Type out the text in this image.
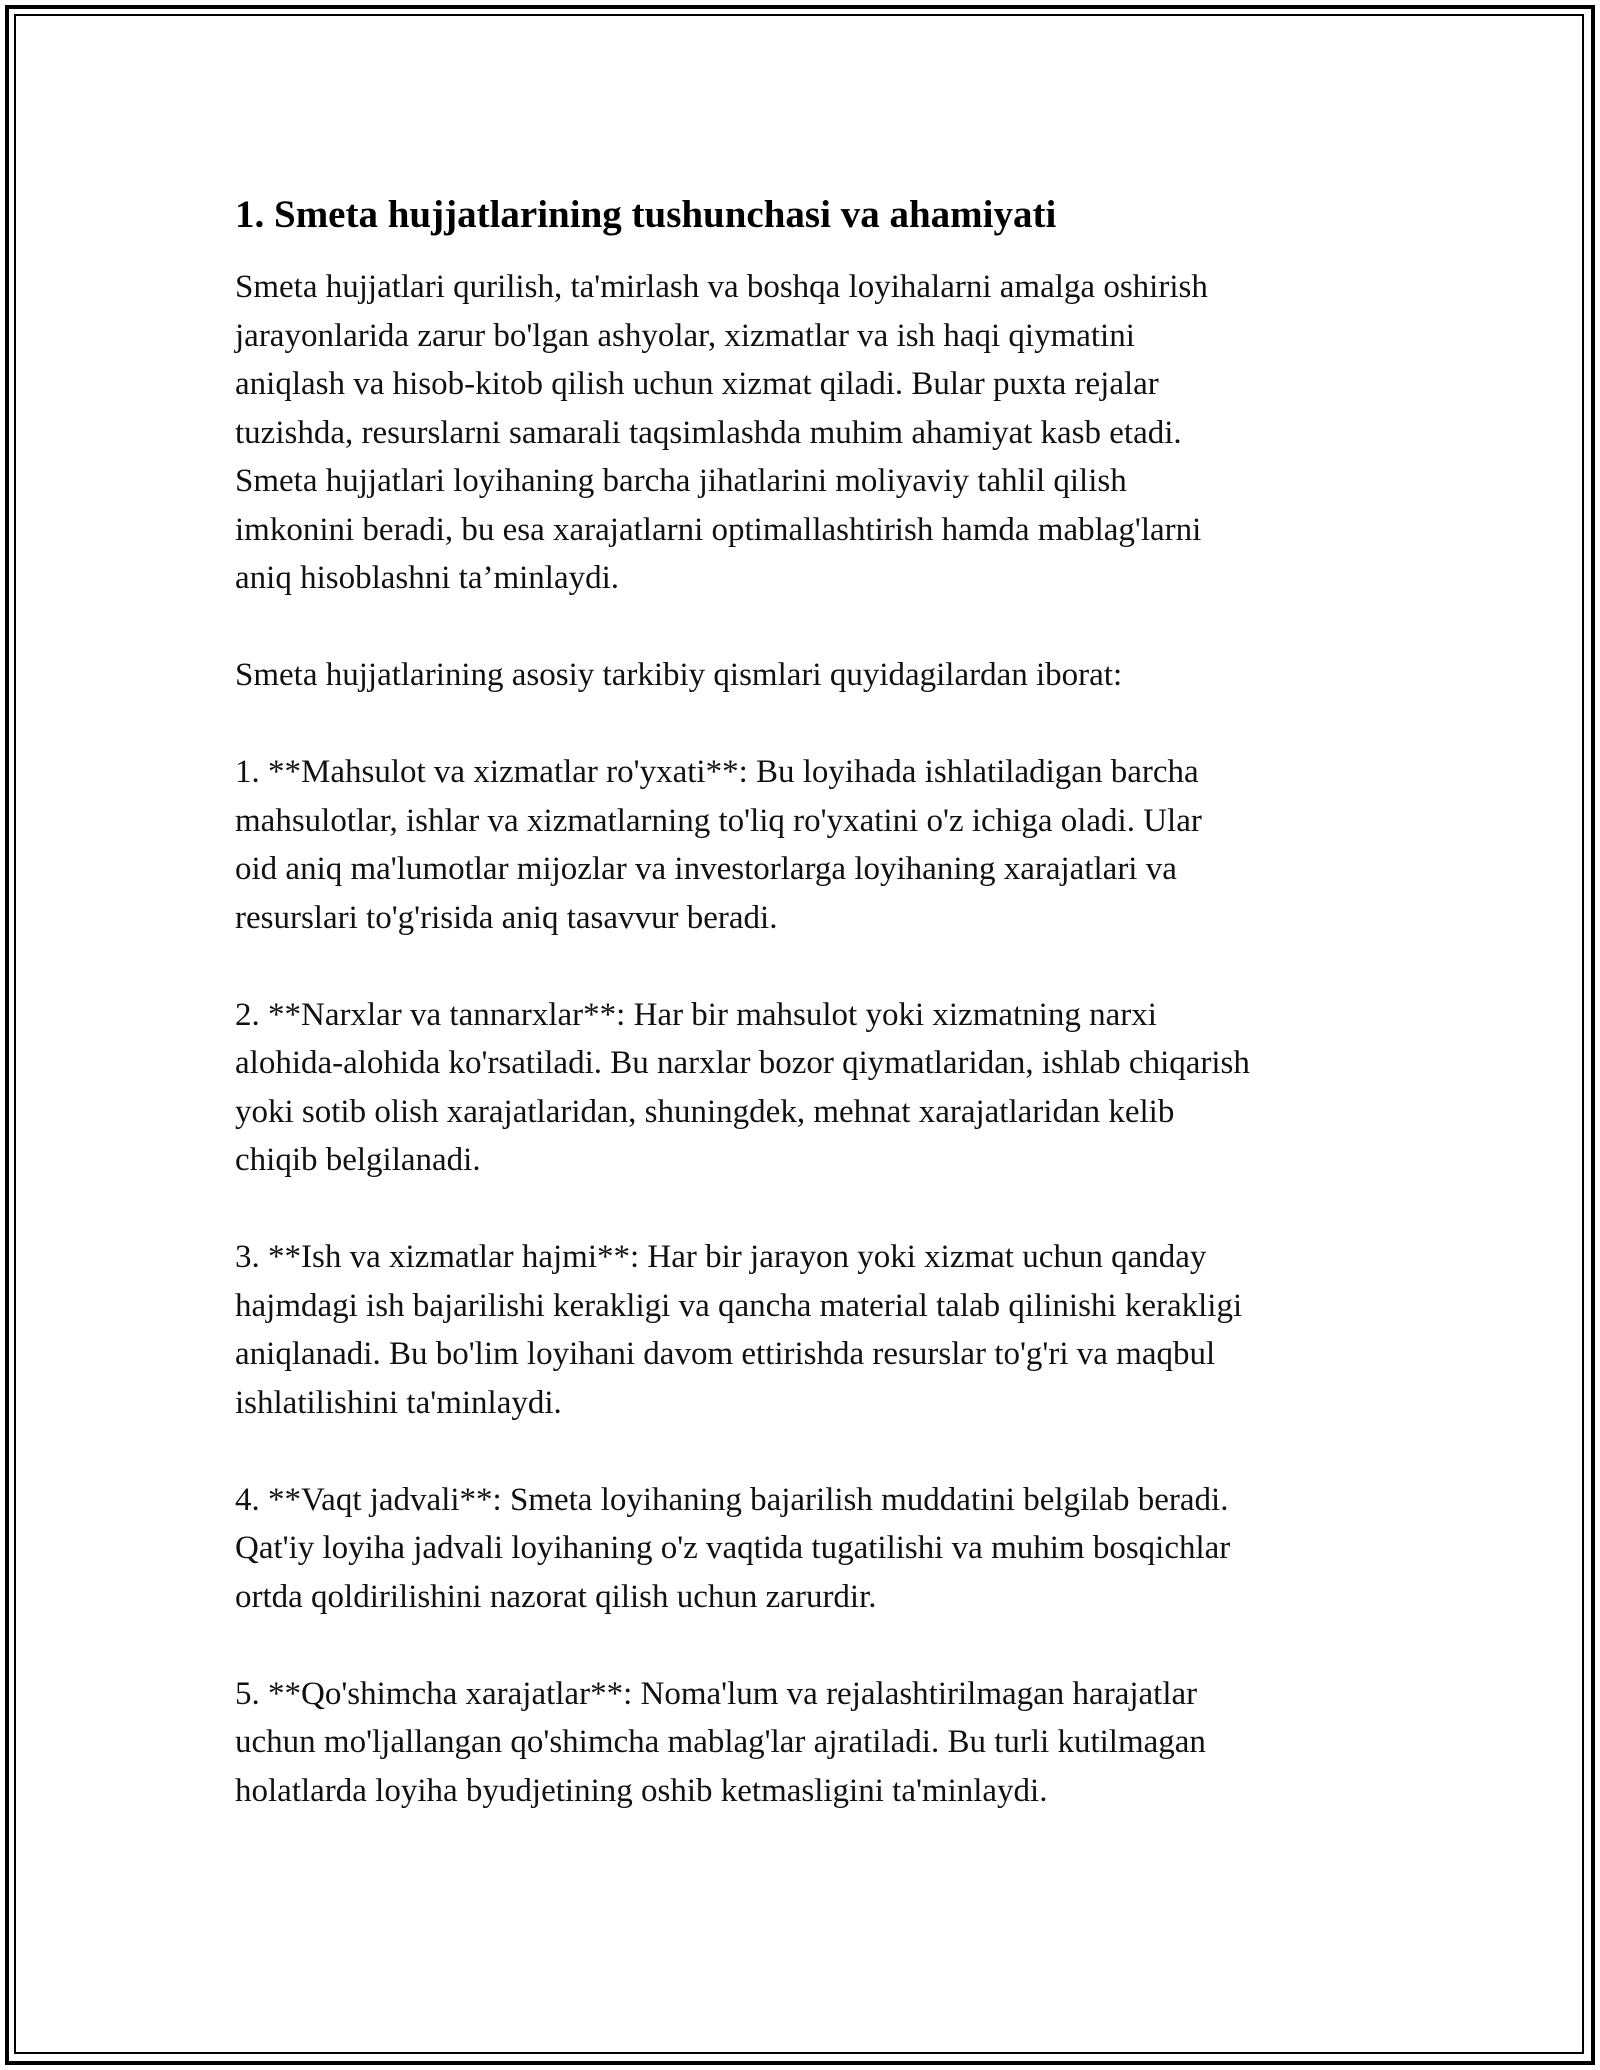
1. Smeta hujjatlarining tushunchasi va ahamiyati

Smeta hujjatlari qurilish, ta'mirlash va boshqa loyihalarni amalga oshirish
jarayonlarida zarur bo'lgan ashyolar, xizmatlar va ish haqi qiymatini
aniqlash va hisob-kitob qilish uchun xizmat qiladi. Bular puxta rejalar
tuzishda, resurslarni samarali taqsimlashda muhim ahamiyat kasb etadi.
Smeta hujjatlari loyihaning barcha jihatlarini moliyaviy tahlil qilish
imkonini beradi, bu esa xarajatlarni optimallashtirish hamda mablag'larni
aniq hisoblashni ta’minlaydi.

Smeta hujjatlarining asosiy tarkibiy qismlari quyidagilardan iborat:

1. **Mahsulot va xizmatlar ro'yxati**: Bu loyihada ishlatiladigan barcha
mahsulotlar, ishlar va xizmatlarning to'liq ro'yxatini o'z ichiga oladi. Ular
oid aniq ma'lumotlar mijozlar va investorlarga loyihaning xarajatlari va
resurslari to'g'risida aniq tasavvur beradi.

2. **Narxlar va tannarxlar**: Har bir mahsulot yoki xizmatning narxi
alohida-alohida ko'rsatiladi. Bu narxlar bozor qiymatlaridan, ishlab chiqarish
yoki sotib olish xarajatlaridan, shuningdek, mehnat xarajatlaridan kelib
chiqib belgilanadi.

3. **Ish va xizmatlar hajmi**: Har bir jarayon yoki xizmat uchun qanday
hajmdagi ish bajarilishi kerakligi va qancha material talab qilinishi kerakligi
aniqlanadi. Bu bo'lim loyihani davom ettirishda resurslar to'g'ri va maqbul
ishlatilishini ta'minlaydi.

4. **Vaqt jadvali**: Smeta loyihaning bajarilish muddatini belgilab beradi.
Qat'iy loyiha jadvali loyihaning o'z vaqtida tugatilishi va muhim bosqichlar
ortda qoldirilishini nazorat qilish uchun zarurdir.

5. **Qo'shimcha xarajatlar**: Noma'lum va rejalashtirilmagan harajatlar
uchun mo'ljallangan qo'shimcha mablag'lar ajratiladi. Bu turli kutilmagan
holatlarda loyiha byudjetining oshib ketmasligini ta'minlaydi.
